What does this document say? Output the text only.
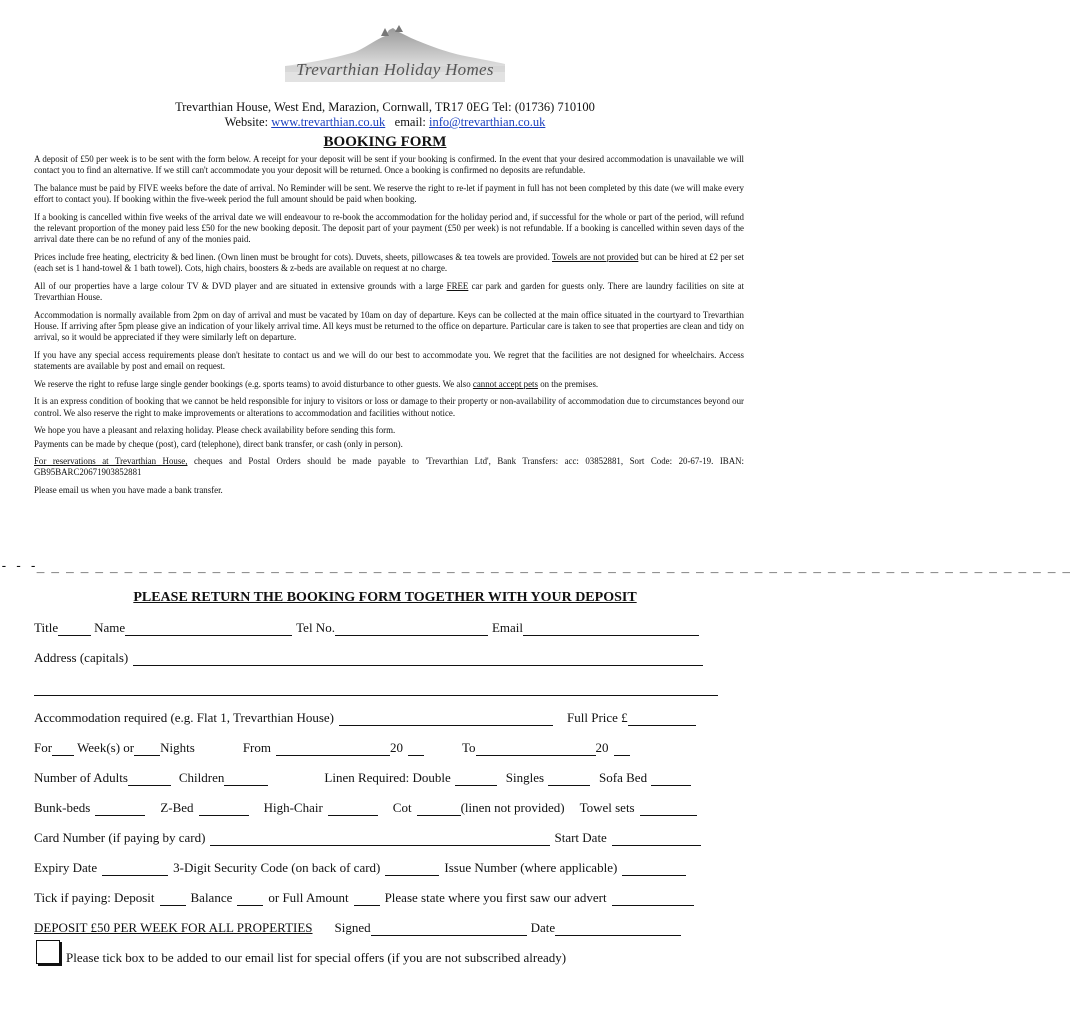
Trevarthian Holiday Homes
Trevarthian House, West End, Marazion, Cornwall, TR17 0EG Tel: (01736) 710100
Website: www.trevarthian.co.uk email: info@trevarthian.co.uk
BOOKING FORM

A deposit of £50 per week is to be sent with the form below. A receipt for your deposit will be sent if your booking is confirmed. In the event that your desired accommodation is unavailable we will contact you to find an alternative. If we still can't accommodate you your deposit will be returned. Once a booking is confirmed no deposits are refundable.

The balance must be paid by FIVE weeks before the date of arrival. No Reminder will be sent. We reserve the right to re-let if payment in full has not been completed by this date (we will make every effort to contact you). If booking within the five-week period the full amount should be paid when booking.

If a booking is cancelled within five weeks of the arrival date we will endeavour to re-book the accommodation for the holiday period and, if successful for the whole or part of the period, will refund the relevant proportion of the money paid less £50 for the new booking deposit. The deposit part of your payment (£50 per week) is not refundable. If a booking is cancelled within seven days of the arrival date there can be no refund of any of the monies paid.

Prices include free heating, electricity & bed linen. (Own linen must be brought for cots). Duvets, sheets, pillowcases & tea towels are provided. Towels are not provided but can be hired at £2 per set (each set is 1 hand-towel & 1 bath towel). Cots, high chairs, boosters & z-beds are available on request at no charge.

All of our properties have a large colour TV & DVD player and are situated in extensive grounds with a large FREE car park and garden for guests only. There are laundry facilities on site at Trevarthian House.

Accommodation is normally available from 2pm on day of arrival and must be vacated by 10am on day of departure. Keys can be collected at the main office situated in the courtyard to Trevarthian House. If arriving after 5pm please give an indication of your likely arrival time. All keys must be returned to the office on departure. Particular care is taken to see that properties are clean and tidy on arrival, so it would be appreciated if they were similarly left on departure.

If you have any special access requirements please don't hesitate to contact us and we will do our best to accommodate you. We regret that the facilities are not designed for wheelchairs. Access statements are available by post and email on request.

We reserve the right to refuse large single gender bookings (e.g. sports teams) to avoid disturbance to other guests. We also cannot accept pets on the premises.

It is an express condition of booking that we cannot be held responsible for injury to visitors or loss or damage to their property or non-availability of accommodation due to circumstances beyond our control. We also reserve the right to make improvements or alterations to accommodation and facilities without notice.

We hope you have a pleasant and relaxing holiday. Please check availability before sending this form.

Payments can be made by cheque (post), card (telephone), direct bank transfer, or cash (only in person).

For reservations at Trevarthian House, cheques and Postal Orders should be made payable to 'Trevarthian Ltd', Bank Transfers: acc: 03852881, Sort Code: 20-67-19. IBAN: GB95BARC20671903852881

Please email us when you have made a bank transfer.

- - -_ _ _ _ _ _ _ _ _ _ _ _ _ _ _ _ _ _ _ _ _ _ _ _ _ _ _ _ _ _ _ _ _ _ _ _ _ _ _ _ _ _ _ _ _ _ _ _ _ _ _ _ _ _ _ _ _ _ _ _ _ _ _ _ _ _ _ _ _ _ _
PLEASE RETURN THE BOOKING FORM TOGETHER WITH YOUR DEPOSIT
Title	Name	Tel No.	Email
Address (capitals)
Accommodation required (e.g. Flat 1, Trevarthian House)	Full Price £
For Week(s) or Nights	From	20	To	20
Number of Adults	Children	Linen Required: Double	Singles	Sofa Bed
Bunk-beds	Z-Bed	High-Chair	Cot	(linen not provided) Towel sets
Card Number (if paying by card)	Start Date
Expiry Date	3-Digit Security Code (on back of card)	Issue Number (where applicable)
Tick if paying: Deposit	Balance	or Full Amount	Please state where you first saw our advert
DEPOSIT £50 PER WEEK FOR ALL PROPERTIES Signed	Date
Please tick box to be added to our email list for special offers (if you are not subscribed already)
